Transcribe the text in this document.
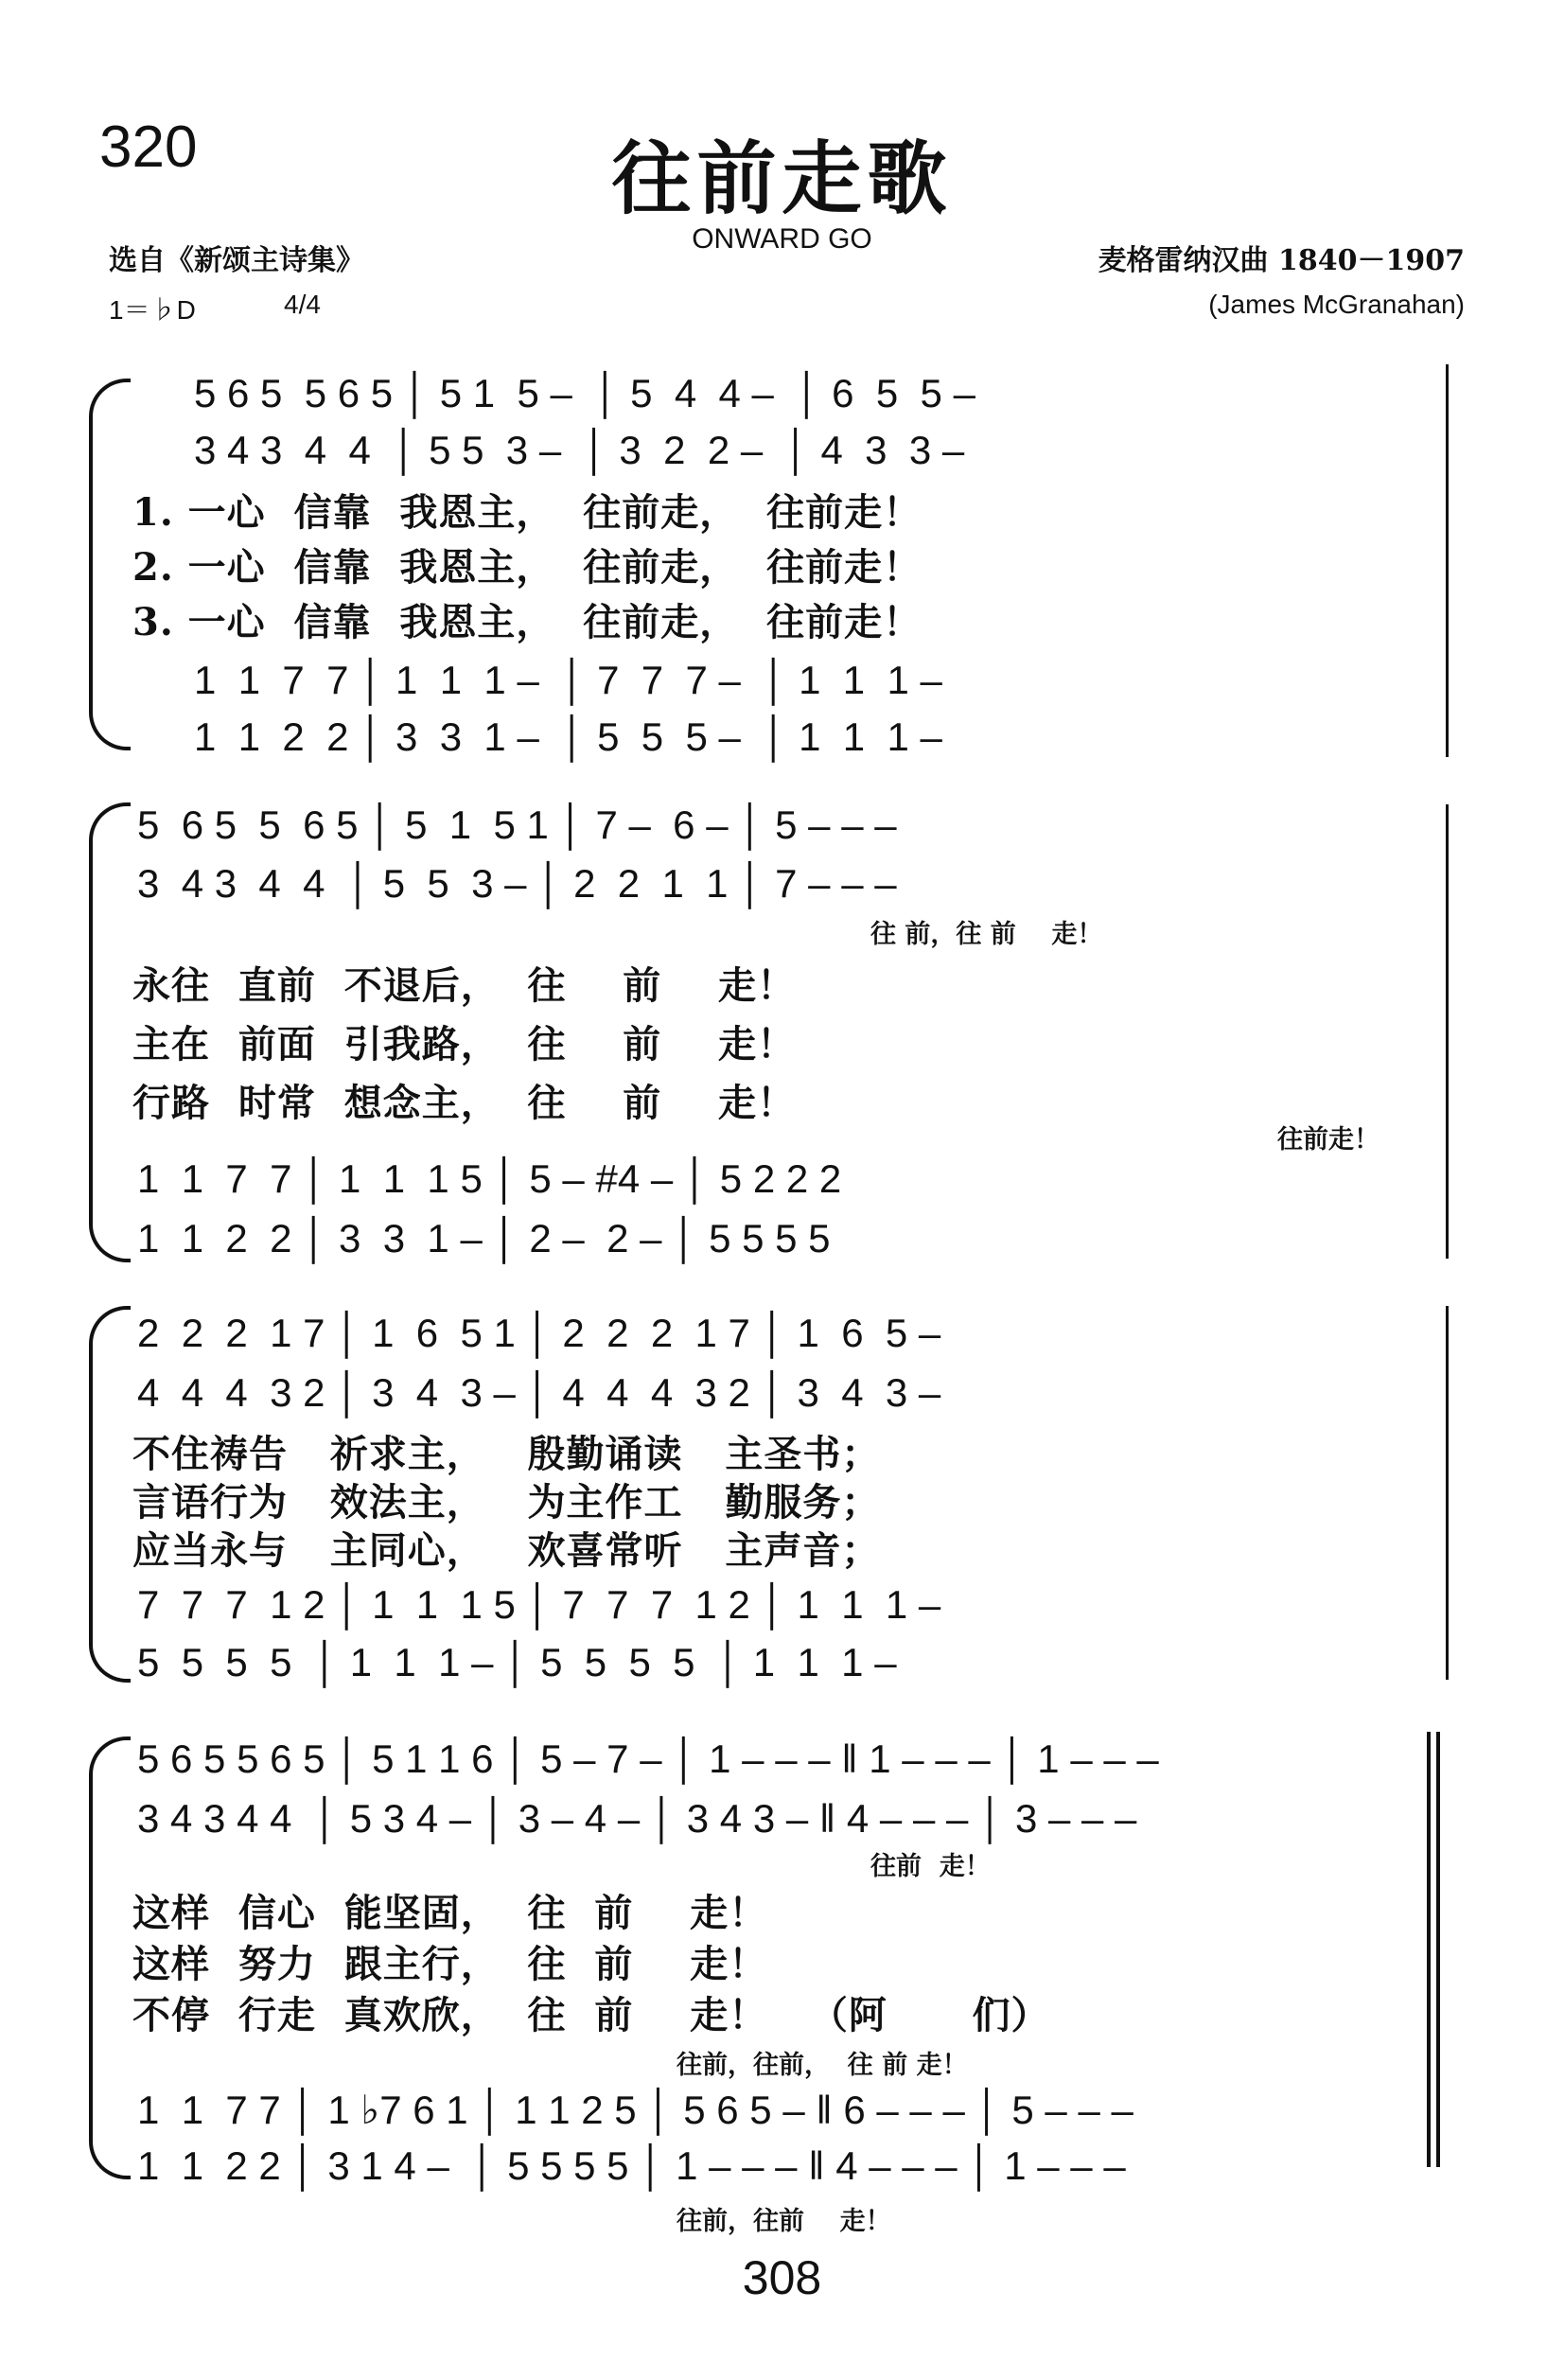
320	往前走歌
ONWARD GO
选自《新颂主诗集》	麦格雷纳汉曲 1840－1907
1＝♭D	4/4	(James McGranahan)
5 6 5  5 6 5 │ 5 1  5 –  │ 5  4  4 –  │ 6  5  5 –
3 4 3  4  4  │ 5 5  3 –  │ 3  2  2 –  │ 4  3  3 –
1. 一心  信靠  我恩主，  往前走，  往前走！
2. 一心  信靠  我恩主，  往前走，  往前走！
3. 一心  信靠  我恩主，  往前走，  往前走！
1  1  7  7 │ 1  1  1 –  │ 7  7  7 –  │ 1  1  1 –
1  1  2  2 │ 3  3  1 –  │ 5  5  5 –  │ 1  1  1 –
5  6 5  5  6 5 │ 5  1  5 1 │ 7 –  6 – │ 5 – – –
3  4 3  4  4  │ 5  5  3 – │ 2  2  1  1 │ 7 – – –
往 前，往 前    走！
永往  直前  不退后，  往    前    走！
主在  前面  引我路，  往    前    走！
行路  时常  想念主，  往    前    走！
往前走！
1  1  7  7 │ 1  1  1 5 │ 5 – #4 – │ 5 2 2 2
1  1  2  2 │ 3  3  1 – │ 2 –  2 – │ 5 5 5 5
2  2  2  1 7 │ 1  6  5 1 │ 2  2  2  1 7 │ 1  6  5 –
4  4  4  3 2 │ 3  4  3 – │ 4  4  4  3 2 │ 3  4  3 –
不住祷告   祈求主，   殷勤诵读   主圣书；
言语行为   效法主，   为主作工   勤服务；
应当永与   主同心，   欢喜常听   主声音；
7  7  7  1 2 │ 1  1  1 5 │ 7  7  7  1 2 │ 1  1  1 –
5  5  5  5  │ 1  1  1 – │ 5  5  5  5  │ 1  1  1 –
5 6 5 5 6 5 │ 5 1 1 6 │ 5 – 7 – │ 1 – – – ‖ 1 – – – │ 1 – – –
3 4 3 4 4  │ 5 3 4 – │ 3 – 4 – │ 3 4 3 – ‖ 4 – – – │ 3 – – –
往前  走！
这样  信心  能坚固，  往  前    走！
这样  努力  跟主行，  往  前    走！
不停  行走  真欢欣，  往  前    走！   （阿      们）
往前，往前，  往 前 走！
1  1  7 7 │ 1 ♭7 6 1 │ 1 1 2 5 │ 5 6 5 – ‖ 6 – – – │ 5 – – –
1  1  2 2 │ 3 1 4 –  │ 5 5 5 5 │ 1 – – – ‖ 4 – – – │ 1 – – –
往前，往前    走！
308
